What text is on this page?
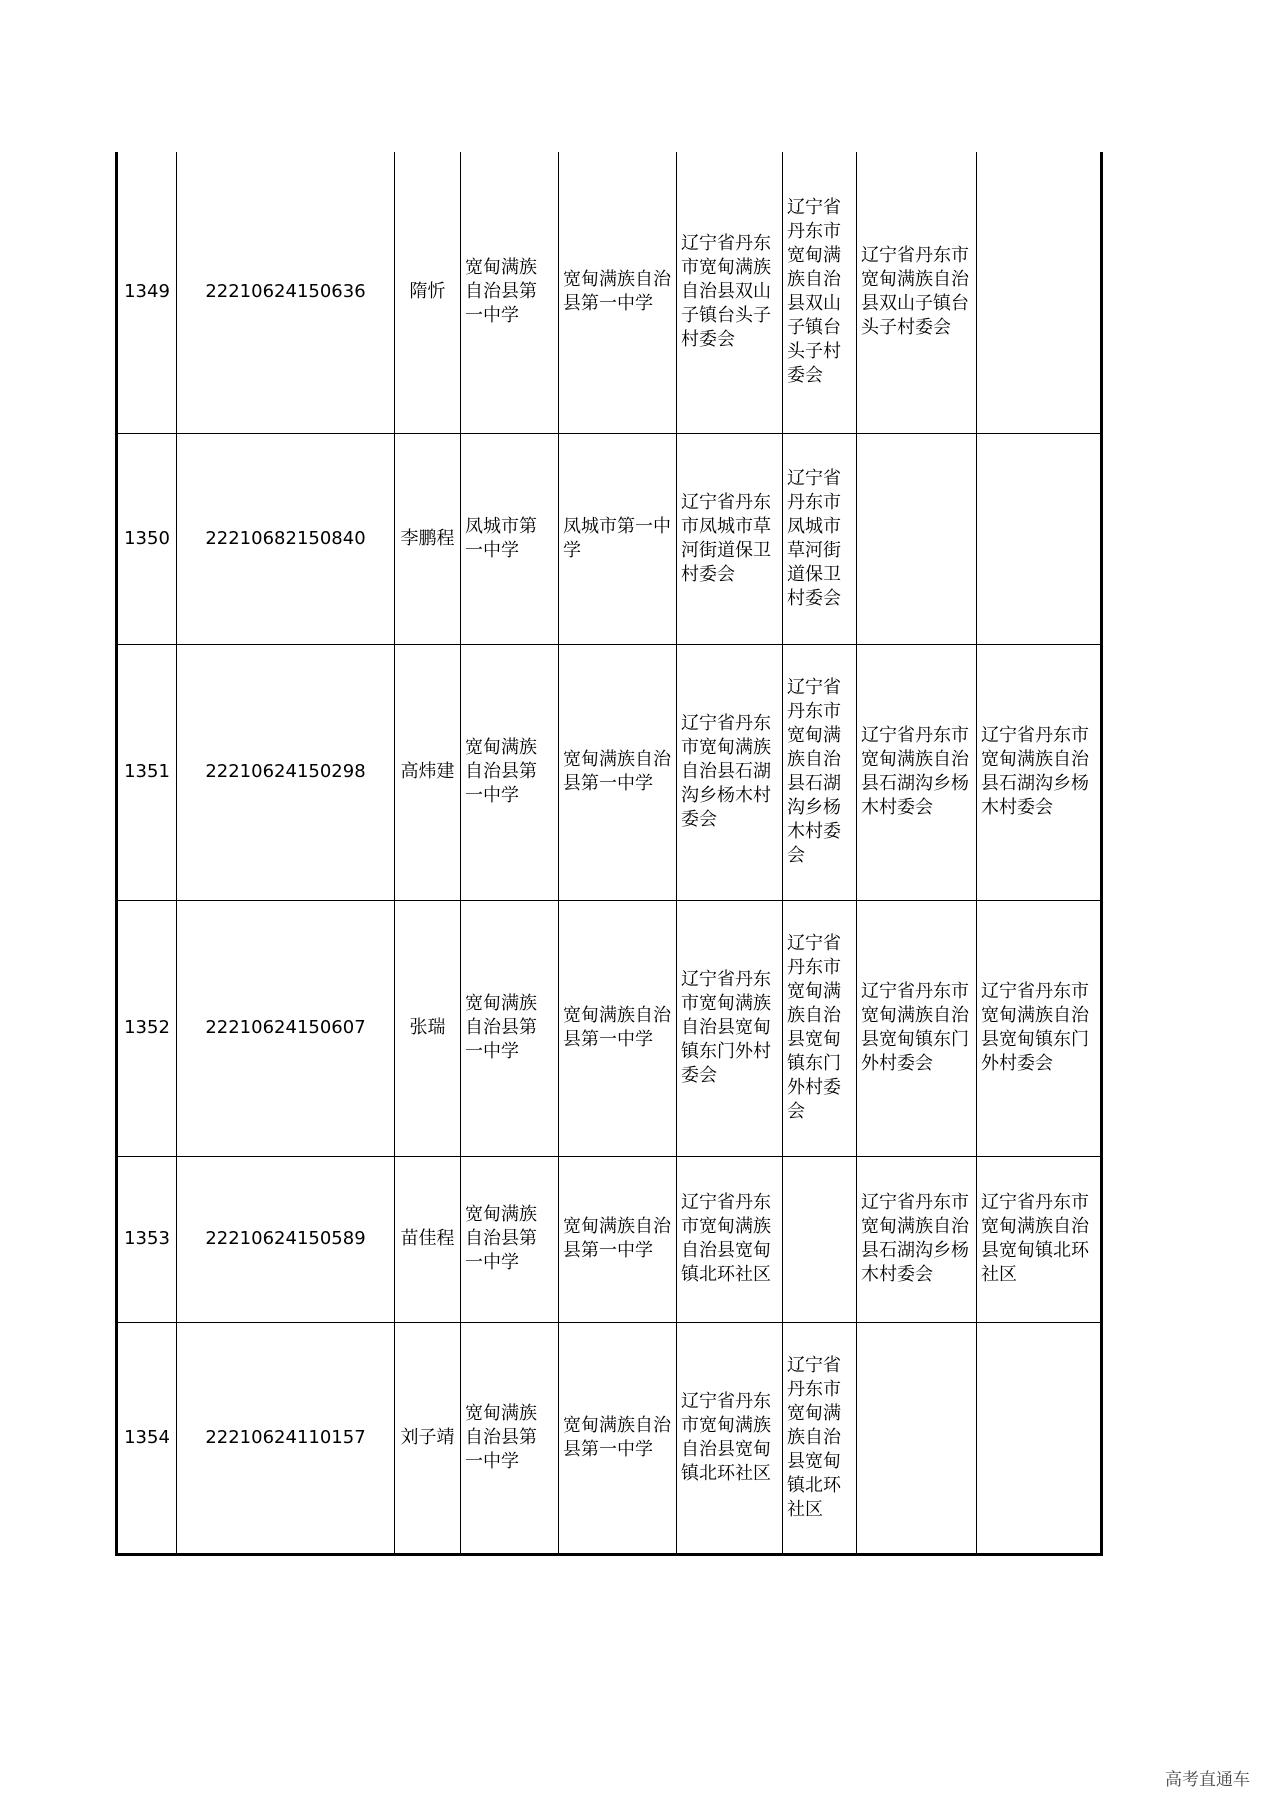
1349	22210624150636	隋忻	宽甸满族自治县第一中学	宽甸满族自治县第一中学	辽宁省丹东市宽甸满族自治县双山子镇台头子村委会	辽宁省丹东市宽甸满族自治县双山子镇台头子村委会	辽宁省丹东市宽甸满族自治县双山子镇台头子村委会	
1350	22210682150840	李鹏程	凤城市第一中学	凤城市第一中学	辽宁省丹东市凤城市草河街道保卫村委会	辽宁省丹东市凤城市草河街道保卫村委会		
1351	22210624150298	高炜建	宽甸满族自治县第一中学	宽甸满族自治县第一中学	辽宁省丹东市宽甸满族自治县石湖沟乡杨木村委会	辽宁省丹东市宽甸满族自治县石湖沟乡杨木村委会	辽宁省丹东市宽甸满族自治县石湖沟乡杨木村委会	辽宁省丹东市宽甸满族自治县石湖沟乡杨木村委会
1352	22210624150607	张瑞	宽甸满族自治县第一中学	宽甸满族自治县第一中学	辽宁省丹东市宽甸满族自治县宽甸镇东门外村委会	辽宁省丹东市宽甸满族自治县宽甸镇东门外村委会	辽宁省丹东市宽甸满族自治县宽甸镇东门外村委会	辽宁省丹东市宽甸满族自治县宽甸镇东门外村委会
1353	22210624150589	苗佳程	宽甸满族自治县第一中学	宽甸满族自治县第一中学	辽宁省丹东市宽甸满族自治县宽甸镇北环社区		辽宁省丹东市宽甸满族自治县石湖沟乡杨木村委会	辽宁省丹东市宽甸满族自治县宽甸镇北环社区
1354	22210624110157	刘子靖	宽甸满族自治县第一中学	宽甸满族自治县第一中学	辽宁省丹东市宽甸满族自治县宽甸镇北环社区	辽宁省丹东市宽甸满族自治县宽甸镇北环社区		
高考直通车
